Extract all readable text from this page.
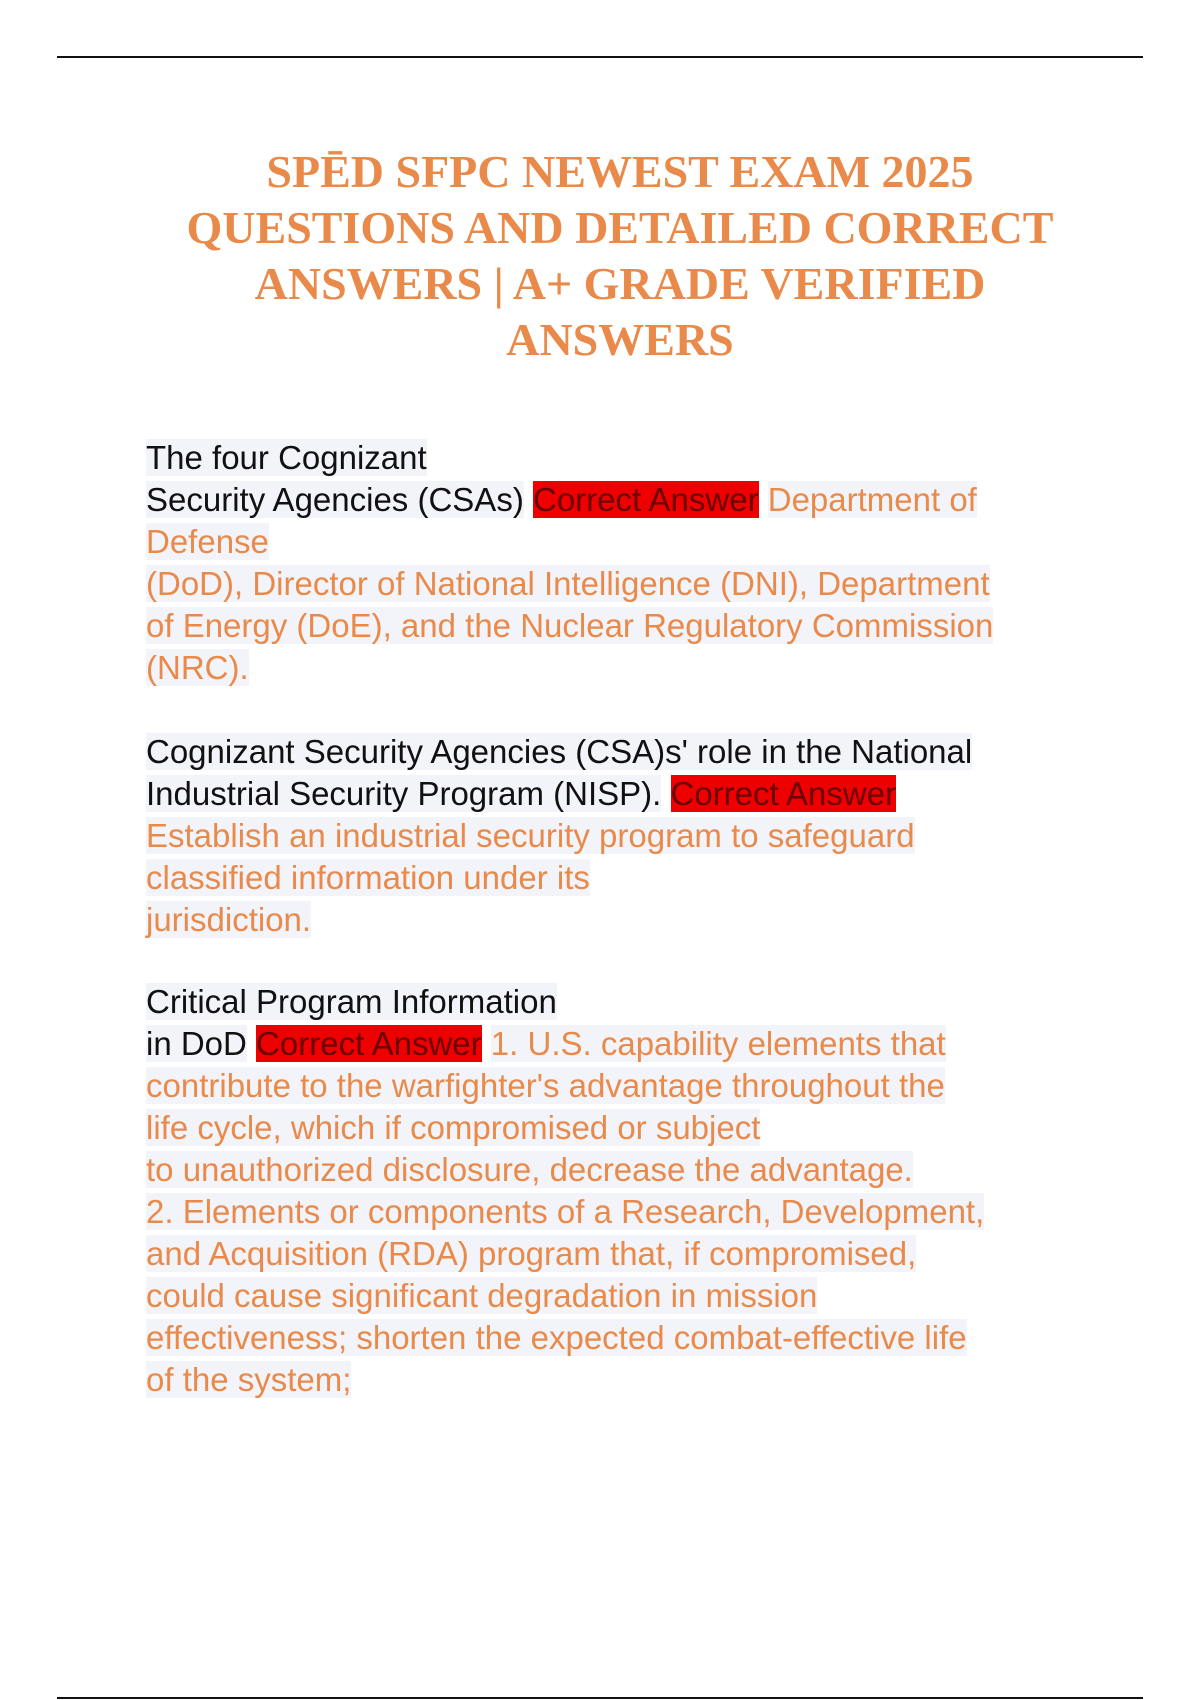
SPĒD SFPC NEWEST EXAM 2025
QUESTIONS AND DETAILED CORRECT
ANSWERS | A+ GRADE VERIFIED
ANSWERS
The four Cognizant
Security Agencies (CSAs) Correct Answer Department of
Defense
(DoD), Director of National Intelligence (DNI), Department
of Energy (DoE), and the Nuclear Regulatory Commission
(NRC).
Cognizant Security Agencies (CSA)s' role in the National
Industrial Security Program (NISP). Correct Answer
Establish an industrial security program to safeguard
classified information under its
jurisdiction.
Critical Program Information
in DoD Correct Answer 1. U.S. capability elements that
contribute to the warfighter's advantage throughout the
life cycle, which if compromised or subject
to unauthorized disclosure, decrease the advantage.
2. Elements or components of a Research, Development,
and Acquisition (RDA) program that, if compromised,
could cause significant degradation in mission
effectiveness; shorten the expected combat-effective life
of the system;
